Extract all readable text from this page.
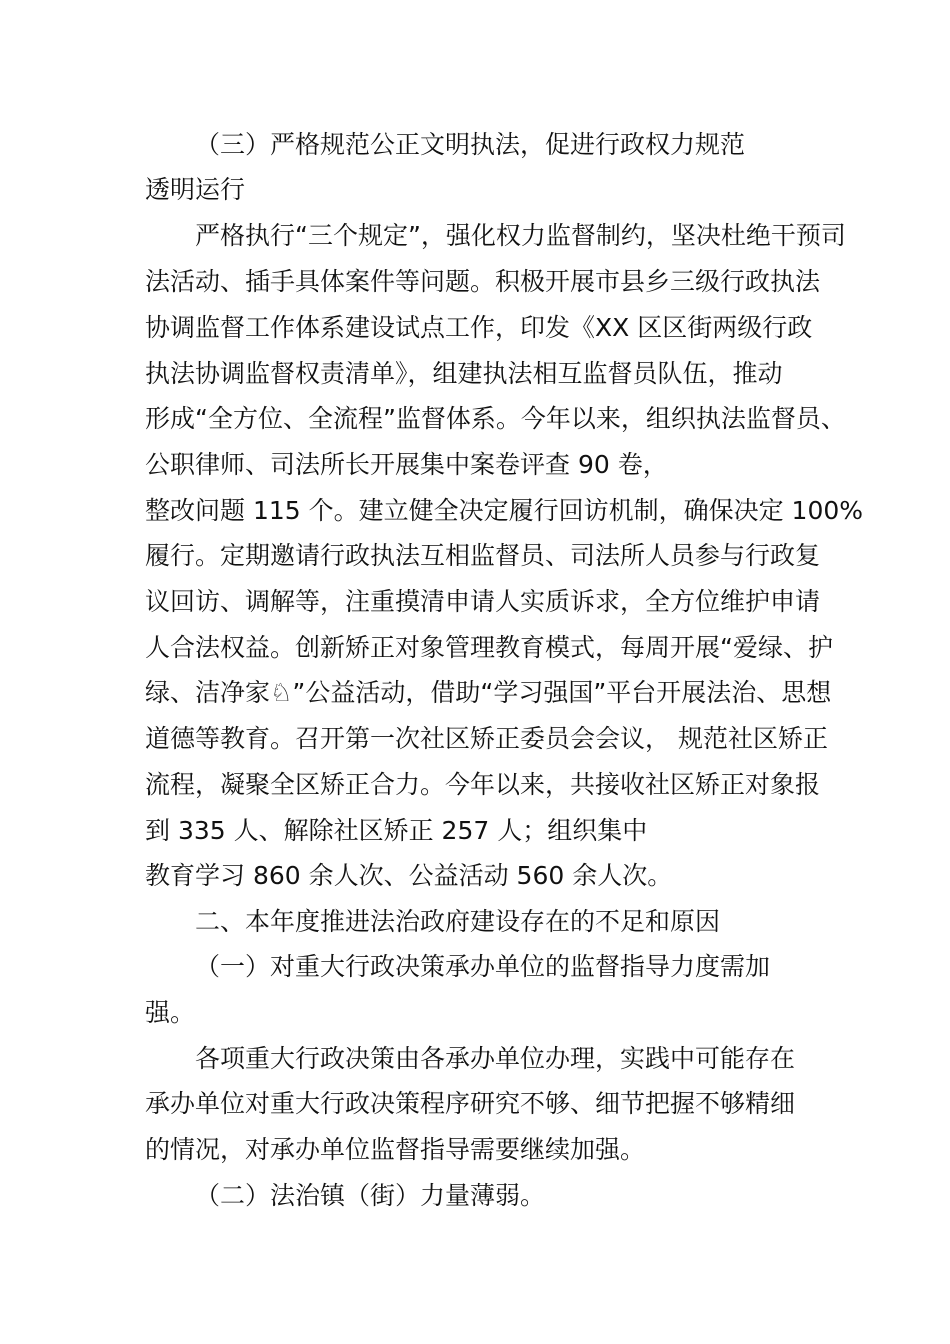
（三）严格规范公正文明执法，促进行政权力规范
透明运行
严格执行“三个规定”，强化权力监督制约，坚决杜绝干预司
法活动、插手具体案件等问题。积极开展市县乡三级行政执法
协调监督工作体系建设试点工作，印发《XX 区区街两级行政
执法协调监督权责清单》，组建执法相互监督员队伍，推动
形成“全方位、全流程”监督体系。今年以来，组织执法监督员、
公职律师、司法所长开展集中案卷评查 90 卷，
整改问题 115 个。建立健全决定履行回访机制，确保决定 100%
履行。定期邀请行政执法互相监督员、司法所人员参与行政复
议回访、调解等，注重摸清申请人实质诉求，全方位维护申请
人合法权益。创新矫正对象管理教育模式，每周开展“爱绿、护
绿、洁净家♘”公益活动，借助“学习强国”平台开展法治、思想
道德等教育。召开第一次社区矫正委员会会议， 规范社区矫正
流程，凝聚全区矫正合力。今年以来，共接收社区矫正对象报
到 335 人、解除社区矫正 257 人；组织集中
教育学习 860 余人次、公益活动 560 余人次。
二、本年度推进法治政府建设存在的不足和原因
（一）对重大行政决策承办单位的监督指导力度需加
强。
各项重大行政决策由各承办单位办理，实践中可能存在
承办单位对重大行政决策程序研究不够、细节把握不够精细
的情况，对承办单位监督指导需要继续加强。
（二）法治镇（街）力量薄弱。
